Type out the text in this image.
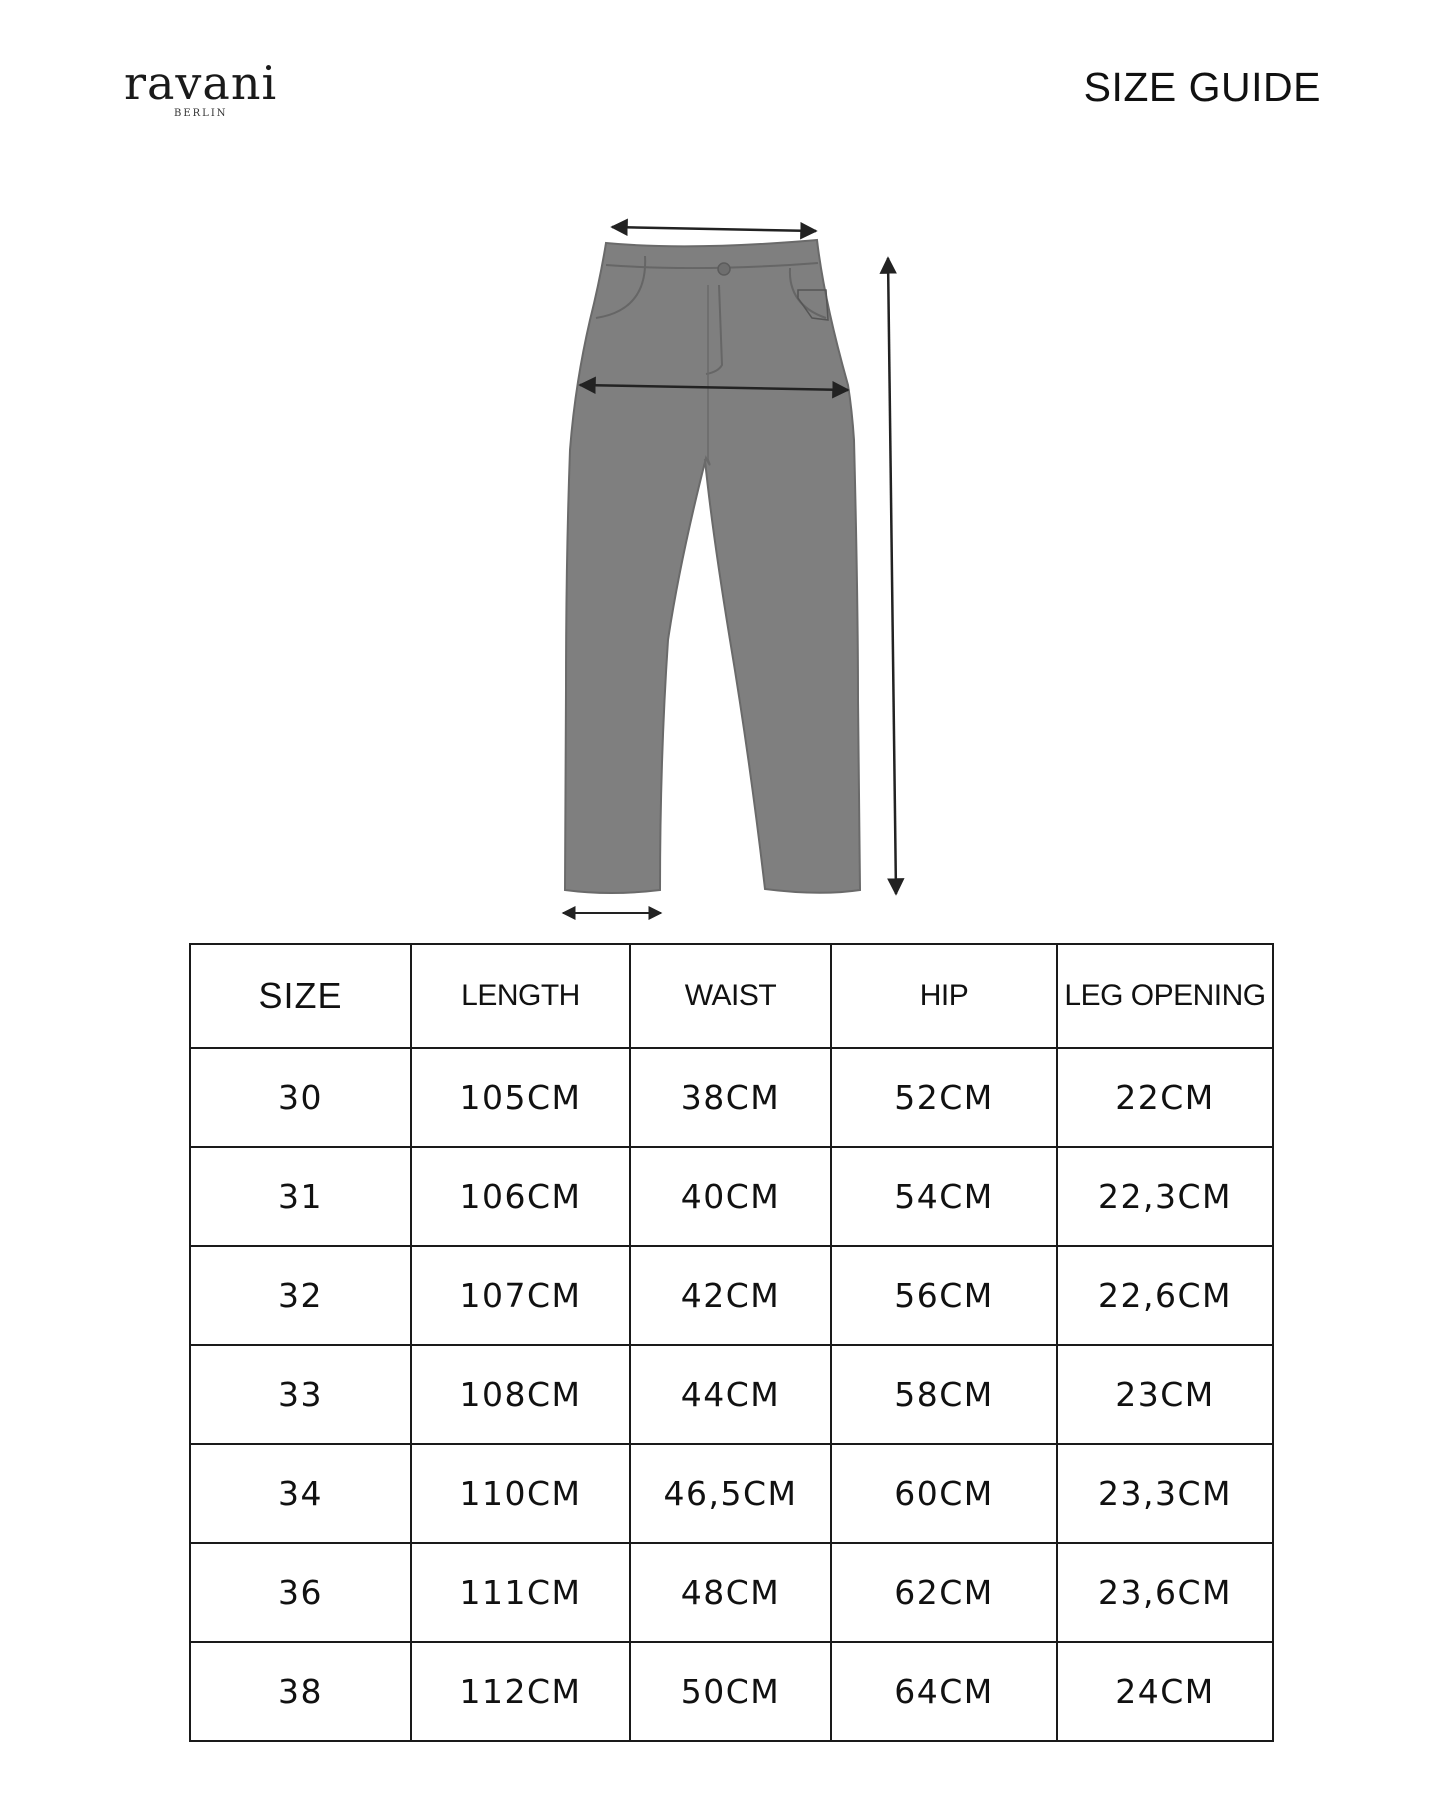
ravani
BERLIN
SIZE GUIDE
SIZE	LENGTH	WAIST	HIP	LEG OPENING
30	105CM	38CM	52CM	22CM
31	106CM	40CM	54CM	22,3CM
32	107CM	42CM	56CM	22,6CM
33	108CM	44CM	58CM	23CM
34	110CM	46,5CM	60CM	23,3CM
36	111CM	48CM	62CM	23,6CM
38	112CM	50CM	64CM	24CM
